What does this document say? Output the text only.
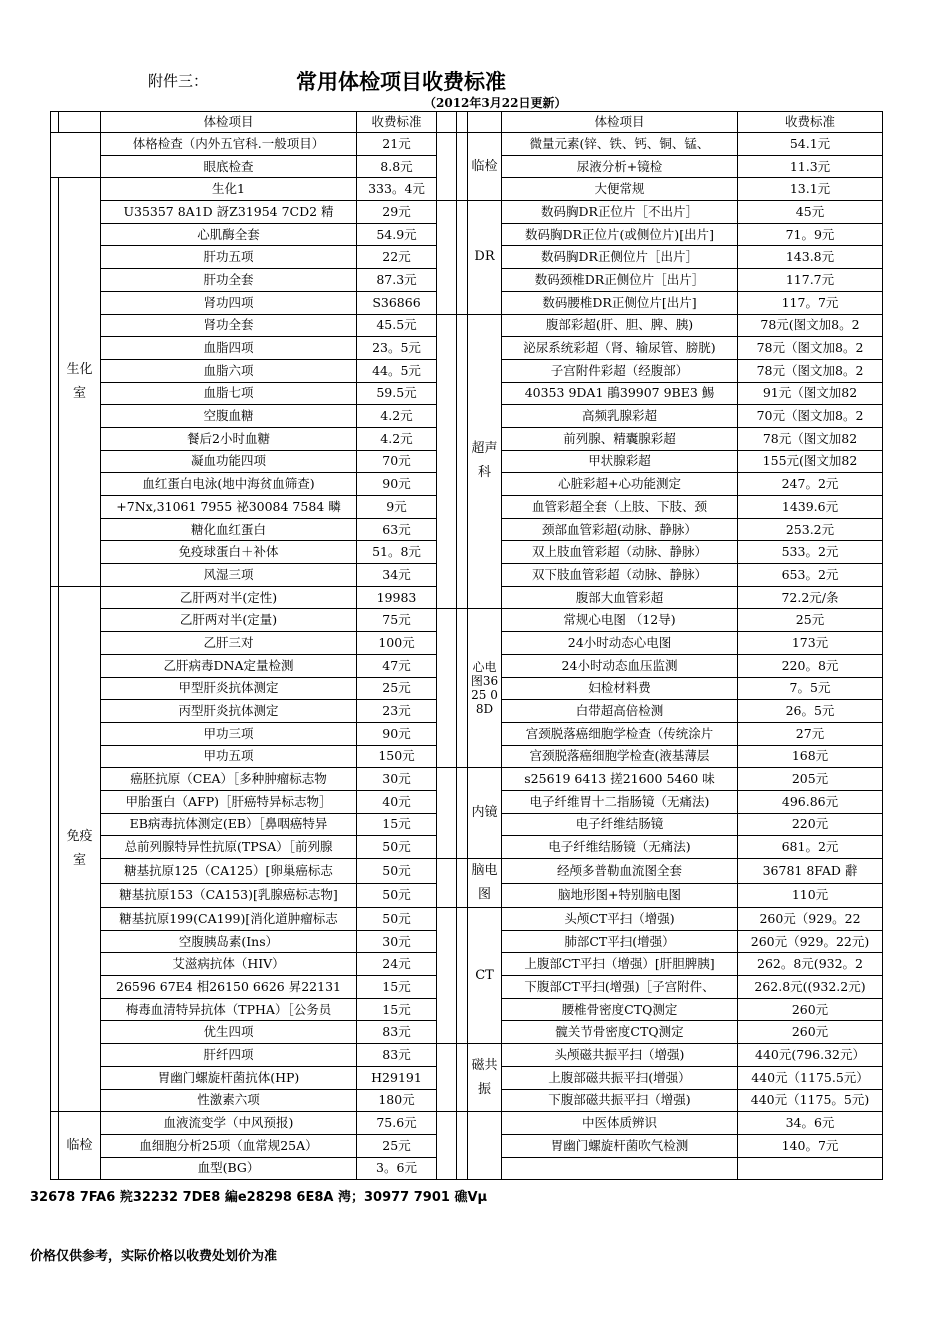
附件三：	常用体检项目收费标准
（2012年3月22日更新）
		体检项目	收费标准				体检项目	收费标准
		体格检查（内外五官科.一般项目）	21元			临检	微量元素(锌、铁、钙、铜、锰、	54.1元
		眼底检查	8.8元				尿液分析+镜检	11.3元
	生化室	生化1	333。4元				大便常规	13.1元
		U35357 8A1D 訝Z31954 7CD2 精	29元			DR	数码胸DR正位片［不出片］	45元
		心肌酶全套	54.9元				数码胸DR正位片(或侧位片)[出片]	71。9元
		肝功五项	22元				数码胸DR正侧位片［出片］	143.8元
		肝功全套	87.3元				数码颈椎DR正侧位片［出片］	117.7元
		肾功四项	S36866				数码腰椎DR正侧位片[出片]	117。7元
		肾功全套	45.5元			超声科	腹部彩超(肝、胆、脾、胰)	78元(图文加8。2
		血脂四项	23。5元				泌尿系统彩超（肾、输尿管、膀胱)	78元（图文加8。2
		血脂六项	44。5元				子宫附件彩超（经腹部）	78元（图文加8。2
		血脂七项	59.5元				40353 9DA1 鵑39907 9BE3 鯣	91元（图文加82
		空腹血糖	4.2元				高频乳腺彩超	70元（图文加8。2
		餐后2小时血糖	4.2元				前列腺、精囊腺彩超	78元（图文加82
		凝血功能四项	70元				甲状腺彩超	155元(图文加82
		血红蛋白电泳(地中海贫血筛查)	90元				心脏彩超+心功能测定	247。2元
		+7Nx,31061 7955 祕30084 7584 疄	9元				血管彩超全套（上肢、下肢、颈	1439.6元
		糖化血红蛋白	63元				颈部血管彩超(动脉、静脉）	253.2元
		免疫球蛋白＋补体	51。8元				双上肢血管彩超（动脉、静脉）	533。2元
		风湿三项	34元				双下肢血管彩超（动脉、静脉）	653。2元
	免疫室	乙肝两对半(定性)	19983				腹部大血管彩超	72.2元/条
		乙肝两对半(定量)	75元			心电图3625 0 8D	常规心电图 （12导)	25元
		乙肝三对	100元				24小时动态心电图	173元
		乙肝病毒DNA定量检测	47元				24小时动态血压监测	220。8元
		甲型肝炎抗体测定	25元				妇检材料费	7。5元
		丙型肝炎抗体测定	23元				白带超高倍检测	26。5元
		甲功三项	90元				宫颈脱落癌细胞学检查（传统涂片	27元
		甲功五项	150元				宫颈脱落癌细胞学检查(液基薄层	168元
		癌胚抗原（CEA）［多种肿瘤标志物	30元			内镜	s25619 6413 搓21600 5460 味	205元
		甲胎蛋白（AFP)［肝癌特异标志物］	40元				电子纤维胃十二指肠镜（无痛法)	496.86元
		EB病毒抗体测定(EB）［鼻咽癌特异	15元				电子纤维结肠镜	220元
		总前列腺特异性抗原(TPSA）［前列腺	50元				电子纤维结肠镜（无痛法)	681。2元
		糖基抗原125（CA125）[卵巢癌标志	50元			脑电图	经颅多普勒血流图全套	36781 8FAD 辭
		糖基抗原153（CA153)[乳腺癌标志物]	50元				脑地形图+特别脑电图	110元
		糖基抗原199(CA199)[消化道肿瘤标志	50元			CT	头颅CT平扫（增强)	260元（929。22
		空腹胰岛素(Ins）	30元				肺部CT平扫(增强）	260元（929。22元)
		艾滋病抗体（HIV）	24元				上腹部CT平扫（增强）[肝胆脾胰]	262。8元(932。2
		26596 67E4 相26150 6626 昇22131	15元				下腹部CT平扫(增强)［子宫附件、	262.8元((932.2元)
		梅毒血清特异抗体（TPHA）［公务员	15元				腰椎骨密度CTQ测定	260元
		优生四项	83元				髋关节骨密度CTQ测定	260元
		肝纤四项	83元			磁共振	头颅磁共振平扫（增强)	440元(796.32元）
		胃幽门螺旋杆菌抗体(HP)	H29191				上腹部磁共振平扫(增强）	440元（1175.5元）
		性激素六项	180元				下腹部磁共振平扫（增强)	440元（1175。5元)
	临检	血液流变学（中风预报)	75.6元				中医体质辨识	34。6元
		血细胞分析25项（血常规25A）	25元				胃幽门螺旋杆菌吹气检测	140。7元
		血型(BG）	3。6元					
32678 7FA6 羦32232 7DE8 編e28298 6E8A 涄；30977 7901 礁Vμ
价格仅供参考，实际价格以收费处划价为准
